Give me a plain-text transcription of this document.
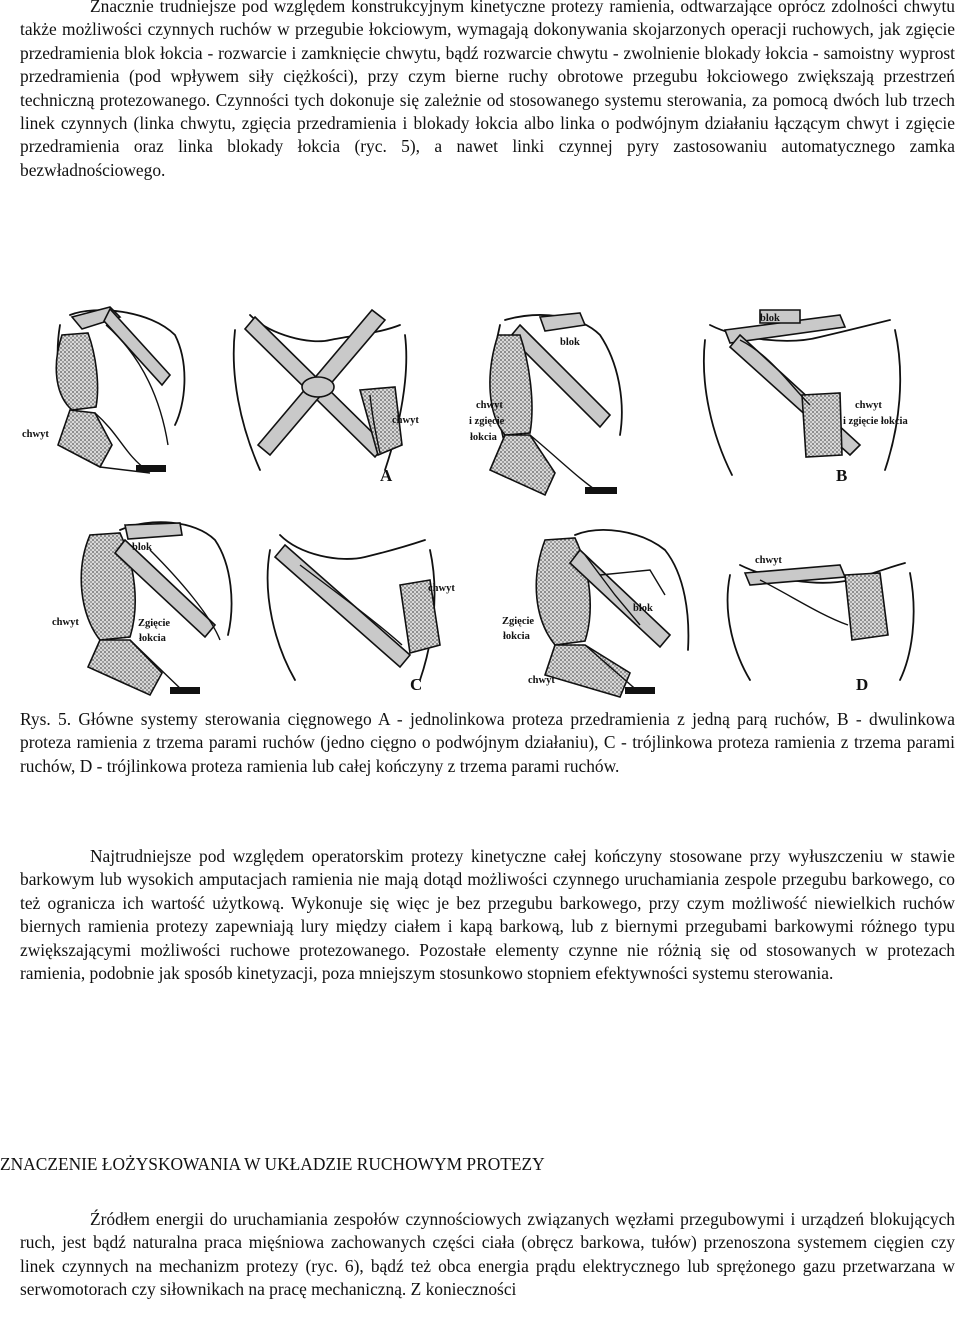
Znacznie trudniejsze pod względem konstrukcyjnym kinetyczne protezy ramienia, odtwarzające oprócz zdolności chwytu także możliwości czynnych ruchów w przegubie łokciowym, wymagają dokonywania skojarzonych operacji ruchowych, jak zgięcie przedramienia blok łokcia - rozwarcie i zamknięcie chwytu, bądź rozwarcie chwytu - zwolnienie blokady łokcia - samoistny wyprost przedramienia (pod wpływem siły ciężkości), przy czym bierne ruchy obrotowe przegubu łokciowego zwiększają przestrzeń techniczną protezowanego. Czynności tych dokonuje się zależnie od stosowanego systemu sterowania, za pomocą dwóch lub trzech linek czynnych (linka chwytu, zgięcia przedramienia i blokady łokcia albo linka o podwójnym działaniu łączącym chwyt i zgięcie przedramienia oraz linka blokady łokcia (ryc. 5), a nawet linki czynnej pyry zastosowaniu automatycznego zamka bezwładnościowego.

chwyt
chwyt
A
blok
chwyt
i zgięcie
łokcia
blok
chwyt
i zgięcie łokcia
B
blok
chwyt	Zgięcie
łokcia
chwyt
C
Zgięcie
łokcia
chwyt
blok
chwyt
D

Rys. 5. Główne systemy sterowania cięgnowego A - jednolinkowa proteza przedramienia z jedną parą ruchów, B - dwulinkowa proteza ramienia z trzema parami ruchów (jedno cięgno o podwójnym działaniu), C - trójlinkowa proteza ramienia z trzema parami ruchów, D - trójlinkowa proteza ramienia lub całej kończyny z trzema parami ruchów.

Najtrudniejsze pod względem operatorskim protezy kinetyczne całej kończyny stosowane przy wyłuszczeniu w stawie barkowym lub wysokich amputacjach ramienia nie mają dotąd możliwości czynnego uruchamiania zespole przegubu barkowego, co też ogranicza ich wartość użytkową. Wykonuje się więc je bez przegubu barkowego, przy czym możliwość niewielkich ruchów biernych ramienia protezy zapewniają lury między ciałem i kapą barkową, lub z biernymi przegubami barkowymi różnego typu zwiększającymi możliwości ruchowe protezowanego. Pozostałe elementy czynne nie różnią się od stosowanych w protezach ramienia, podobnie jak sposób kinetyzacji, poza mniejszym stosunkowo stopniem efektywności systemu sterowania.

ZNACZENIE ŁOŻYSKOWANIA W UKŁADZIE RUCHOWYM PROTEZY

Źródłem energii do uruchamiania zespołów czynnościowych związanych węzłami przegubowymi i urządzeń blokujących ruch, jest bądź naturalna praca mięśniowa zachowanych części ciała (obręcz barkowa, tułów) przenoszona systemem cięgien czy linek czynnych na mechanizm protezy (ryc. 6), bądź też obca energia prądu elektrycznego lub sprężonego gazu przetwarzana w serwomotorach czy siłownikach na pracę mechaniczną. Z konieczności
